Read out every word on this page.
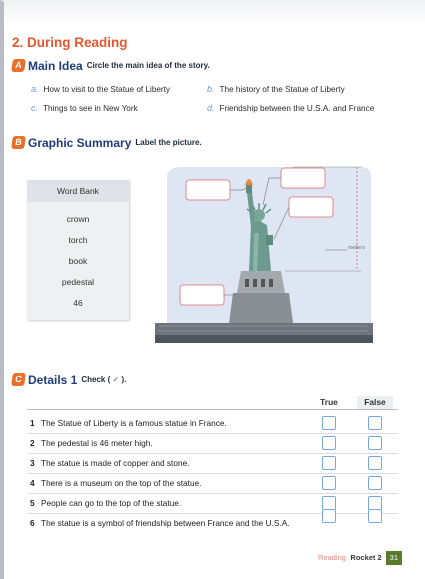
2. During Reading
A Main Idea Circle the main idea of the story.
a. How to visit to the Statue of Liberty	b. The history of the Statue of Liberty
c. Things to see in New York	d. Friendship between the U.S.A. and France
B Graphic Summary Label the picture.
Word Bank
crown
torch
book
pedestal
46
meters
C Details 1 Check ( ✓ ).
True	False
1 The Statue of Liberty is a famous statue in France.
2 The pedestal is 46 meter high.
3 The statue is made of copper and stone.
4 There is a museum on the top of the statue.
5 People can go to the top of the statue.
6 The statue is a symbol of friendship between France and the U.S.A.
Reading Rocket 2 31
